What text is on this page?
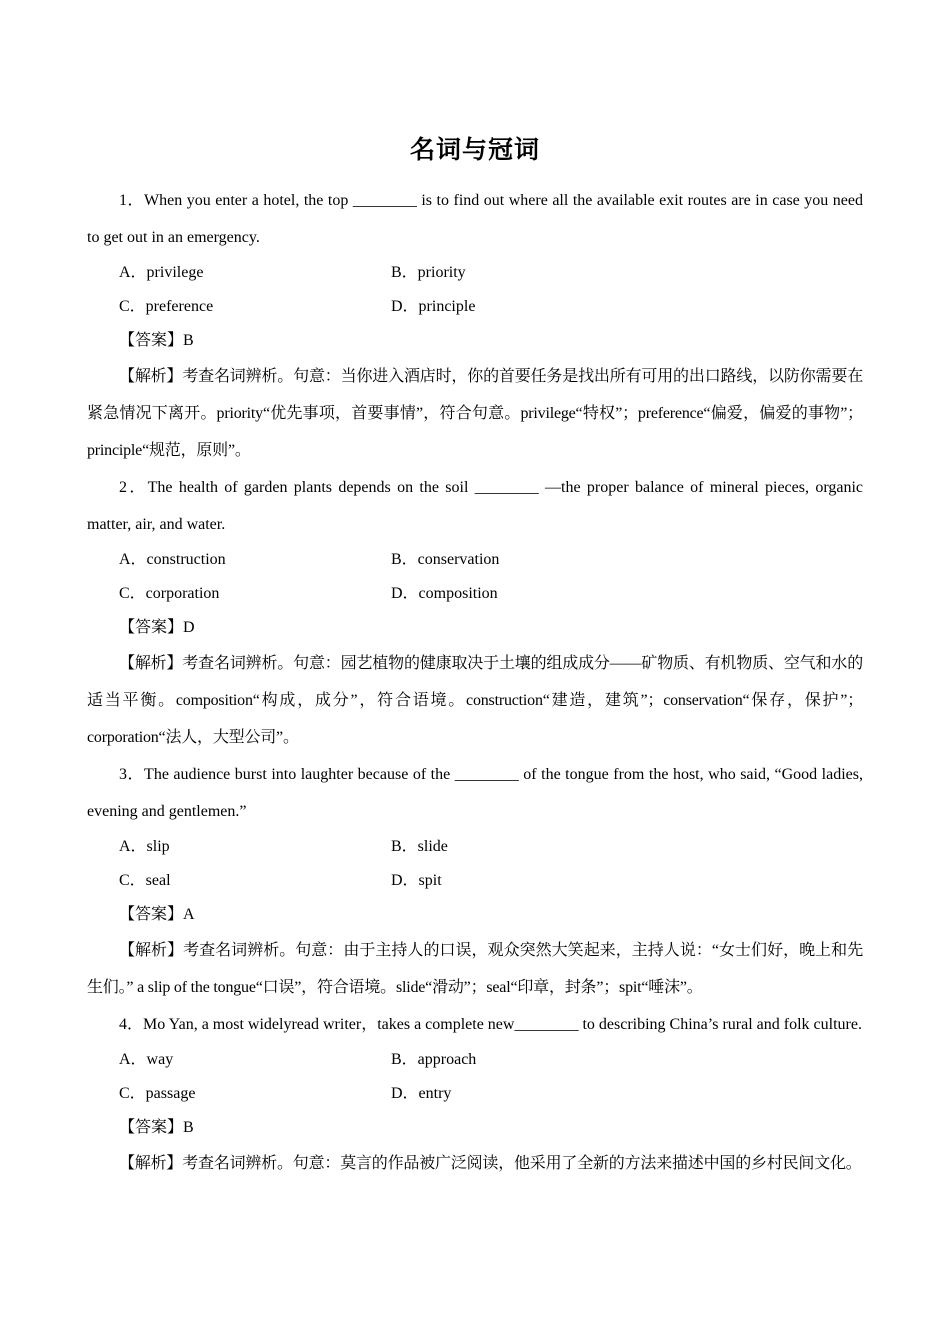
名词与冠词

1．When you enter a hotel, the top ________ is to find out where all the available exit routes are in case you need to get out in an emergency.

A．privilege	B．priority
C．preference	D．principle

【答案】B

【解析】考查名词辨析。句意：当你进入酒店时，你的首要任务是找出所有可用的出口路线，以防你需要在紧急情况下离开。priority“优先事项，首要事情”，符合句意。privilege“特权”；preference“偏爱，偏爱的事物”；principle“规范，原则”。

2．The health of garden plants depends on the soil ________ —the proper balance of mineral pieces, organic matter, air, and water.

A．construction	B．conservation
C．corporation	D．composition

【答案】D

【解析】考查名词辨析。句意：园艺植物的健康取决于土壤的组成成分——矿物质、有机物质、空气和水的适当平衡。composition“构成，成分”，符合语境。construction“建造，建筑”；conservation“保存，保护”；corporation“法人，大型公司”。

3．The audience burst into laughter because of the ________ of the tongue from the host, who said, “Good ladies, evening and gentlemen.”

A．slip	B．slide
C．seal	D．spit

【答案】A

【解析】考查名词辨析。句意：由于主持人的口误，观众突然大笑起来，主持人说：“女士们好，晚上和先生们。” a slip of the tongue“口误”，符合语境。slide“滑动”；seal“印章，封条”；spit“唾沫”。

4．Mo Yan, a most widelyread writer，takes a complete new________ to describing China’s rural and folk culture.

A．way	B．approach
C．passage	D．entry

【答案】B

【解析】考查名词辨析。句意：莫言的作品被广泛阅读，他采用了全新的方法来描述中国的乡村民间文化。
